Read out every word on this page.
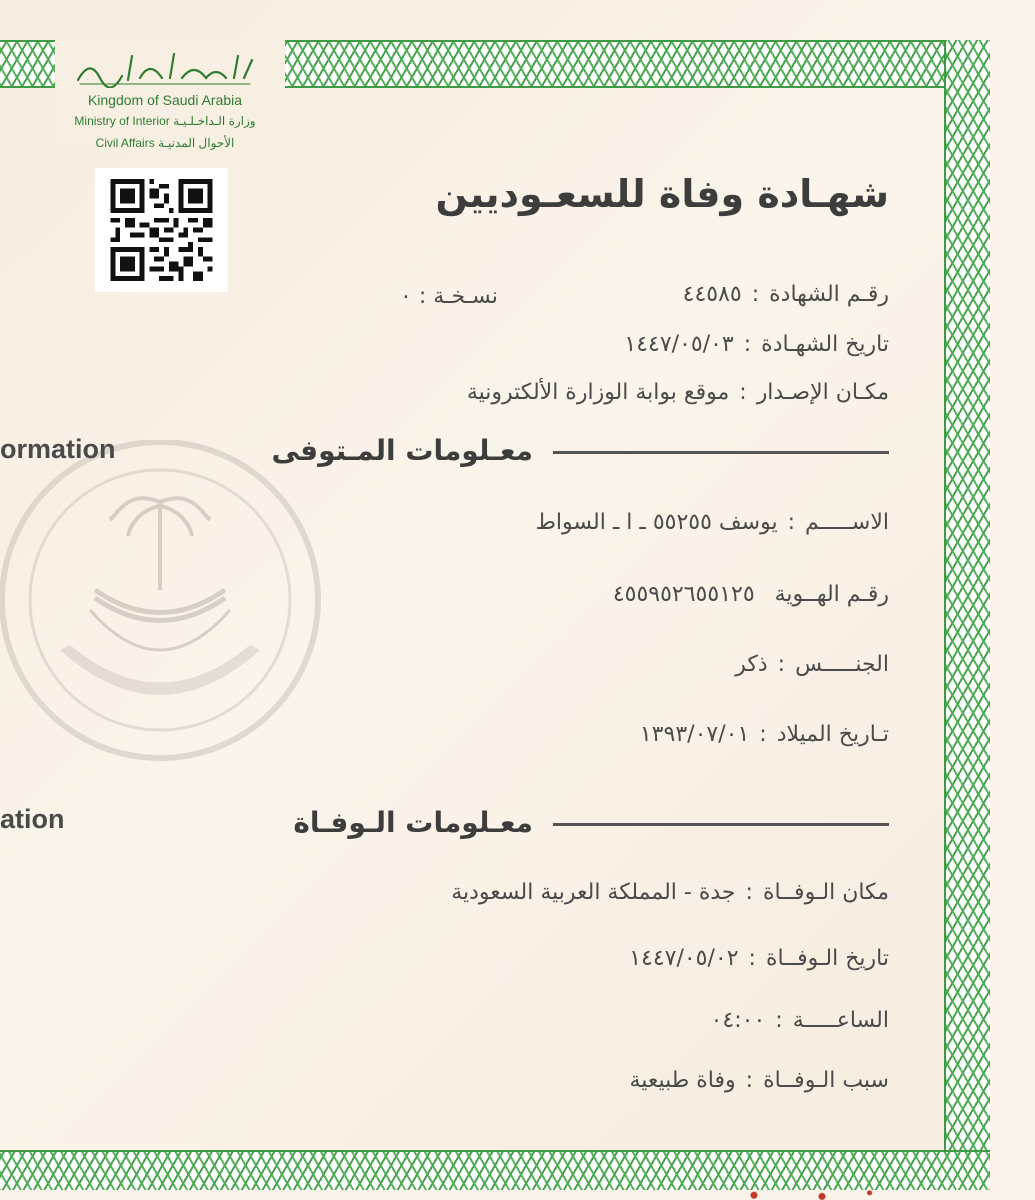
المملكة العربية السعودية
Kingdom of Saudi Arabia
Ministry of Interior وزارة الـداخـلـيـة
Civil Affairs الأحوال المدنيـة
شهـادة وفاة للسعـوديين
رقـم الشهادة:٤٤٥٨٥
نسـخـة : ٠
تاريخ الشهـادة:١٤٤٧/٠٥/٠٣
مكـان الإصـدار:موقع بوابة الوزارة الألكترونية
ormation	معـلومات المـتوفى
الاســـــم:يوسف ٥٥٢٥٥ ـ ا ـ السواط
رقـم الهــوية٤٥٥٩٥٢٦٥٥١٢٥
الجنـــــس:ذكر
تـاريخ الميلاد:١٣٩٣/٠٧/٠١
ation	معـلومات الـوفـاة
مكان الـوفــاة:جدة - المملكة العربية السعودية
تاريخ الـوفــاة:١٤٤٧/٠٥/٠٢
الساعـــــة:٠٤:٠٠
سبب الـوفــاة:وفاة طبيعية
